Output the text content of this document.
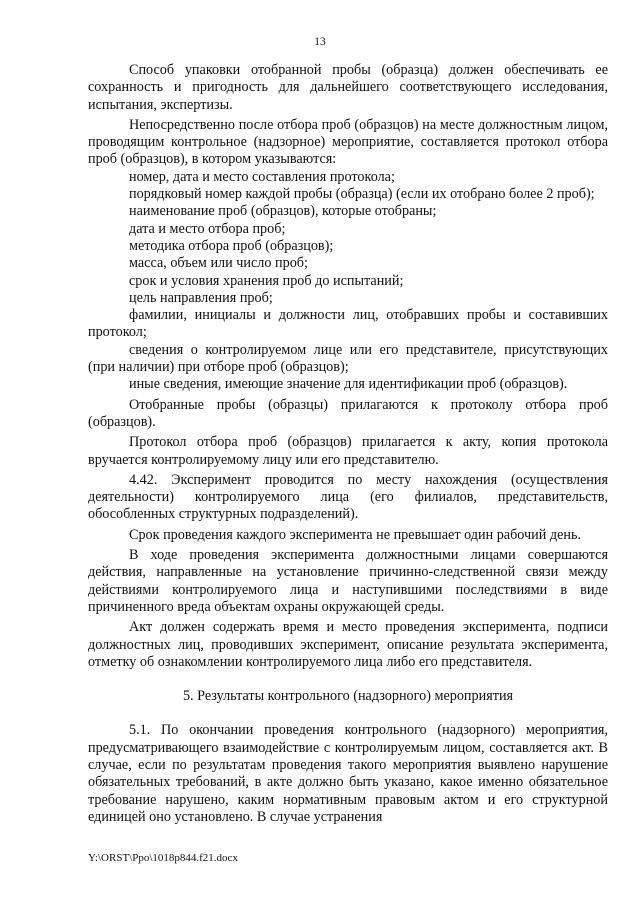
13

Способ упаковки отобранной пробы (образца) должен обеспечивать ее сохранность и пригодность для дальнейшего соответствующего исследования, испытания, экспертизы.

Непосредственно после отбора проб (образцов) на месте должностным лицом, проводящим контрольное (надзорное) мероприятие, составляется протокол отбора проб (образцов), в котором указываются:

номер, дата и место составления протокола;

порядковый номер каждой пробы (образца) (если их отобрано более 2 проб);

наименование проб (образцов), которые отобраны;

дата и место отбора проб;

методика отбора проб (образцов);

масса, объем или число проб;

срок и условия хранения проб до испытаний;

цель направления проб;

фамилии, инициалы и должности лиц, отобравших пробы и составивших протокол;

сведения о контролируемом лице или его представителе, присутствующих (при наличии) при отборе проб (образцов);

иные сведения, имеющие значение для идентификации проб (образцов).

Отобранные пробы (образцы) прилагаются к протоколу отбора проб (образцов).

Протокол отбора проб (образцов) прилагается к акту, копия протокола вручается контролируемому лицу или его представителю.

4.42. Эксперимент проводится по месту нахождения (осуществления деятельности) контролируемого лица (его филиалов, представительств, обособленных структурных подразделений).

Срок проведения каждого эксперимента не превышает один рабочий день.

В ходе проведения эксперимента должностными лицами совершаются действия, направленные на установление причинно-следственной связи между действиями контролируемого лица и наступившими последствиями в виде причиненного вреда объектам охраны окружающей среды.

Акт должен содержать время и место проведения эксперимента, подписи должностных лиц, проводивших эксперимент, описание результата эксперимента, отметку об ознакомлении контролируемого лица либо его представителя.

5. Результаты контрольного (надзорного) мероприятия

5.1. По окончании проведения контрольного (надзорного) мероприятия, предусматривающего взаимодействие с контролируемым лицом, составляется акт. В случае, если по результатам проведения такого мероприятия выявлено нарушение обязательных требований, в акте должно быть указано, какое именно обязательное требование нарушено, каким нормативным правовым актом и его структурной единицей оно установлено. В случае устранения

Y:\ORST\Ppo\1018p844.f21.docx
